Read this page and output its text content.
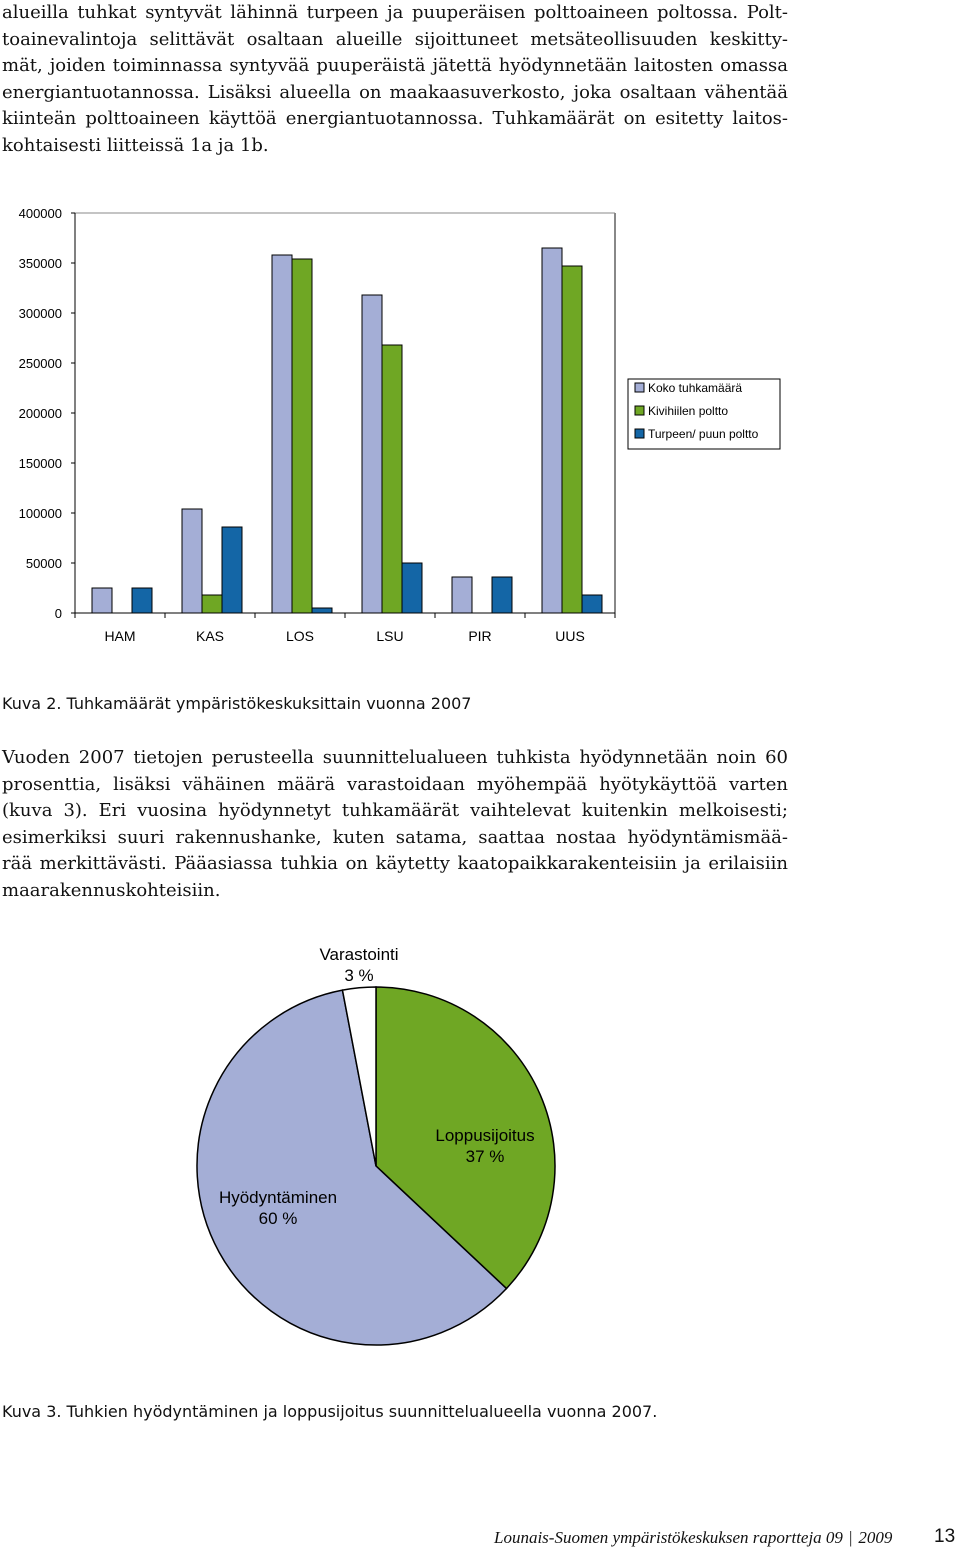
alueilla tuhkat syntyvät lähinnä turpeen ja puuperäisen polttoaineen poltossa. Polt-
toainevalintoja selittävät osaltaan alueille sijoittuneet metsäteollisuuden keskitty-
mät, joiden toiminnassa syntyvää puuperäistä jätettä hyödynnetään laitosten omassa
energiantuotannossa. Lisäksi alueella on maakaasuverkosto, joka osaltaan vähentää
kiinteän polttoaineen käyttöä energiantuotannossa. Tuhkamäärät on esitetty laitos-
kohtaisesti liitteissä 1a ja 1b.
0
50000
100000
150000
200000
250000
300000
350000
400000
HAM	KAS	LOS	LSU	PIR	UUS
Koko tuhkamäärä
Kivihiilen poltto
Turpeen/ puun poltto
Kuva 2. Tuhkamäärät ympäristökeskuksittain vuonna 2007
Vuoden 2007 tietojen perusteella suunnittelualueen tuhkista hyödynnetään noin 60
prosenttia, lisäksi vähäinen määrä varastoidaan myöhempää hyötykäyttöä varten
(kuva 3). Eri vuosina hyödynnetyt tuhkamäärät vaihtelevat kuitenkin melkoisesti;
esimerkiksi suuri rakennushanke, kuten satama, saattaa nostaa hyödyntämismää-
rää merkittävästi. Pääasiassa tuhkia on käytetty kaatopaikkarakenteisiin ja erilaisiin
maarakennuskohteisiin.
Loppusijoitus
37 %
Hyödyntäminen
60 %
Varastointi
3 %
Kuva 3. Tuhkien hyödyntäminen ja loppusijoitus suunnittelualueella vuonna 2007.
Lounais-Suomen ympäristökeskuksen raportteja 09 | 2009 13
